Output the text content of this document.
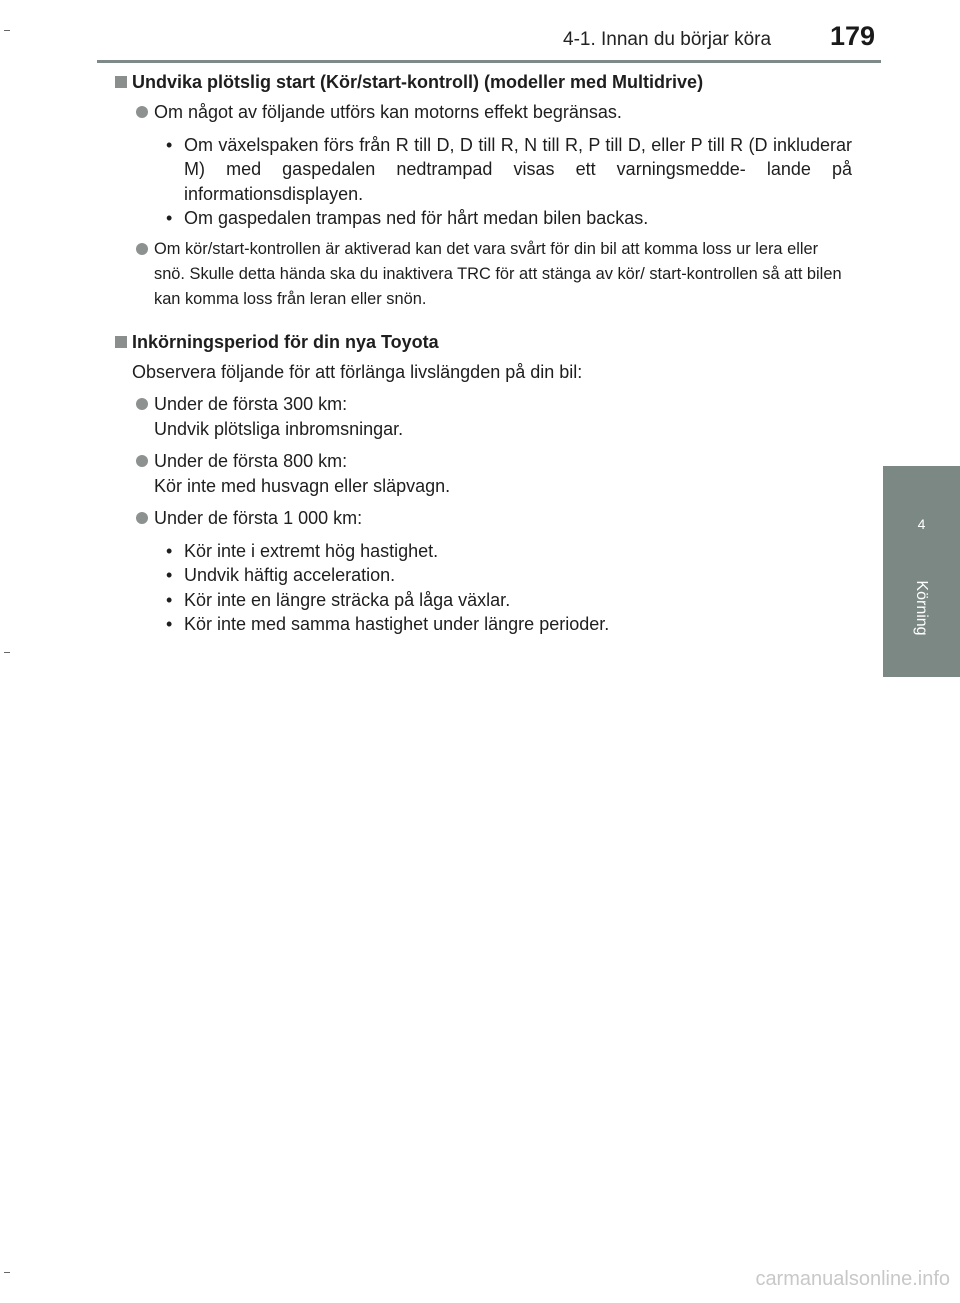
4-1. Innan du börjar köra 179
4
Körning
Undvika plötslig start (Kör/start-kontroll) (modeller med Multidrive)
Om något av följande utförs kan motorns effekt begränsas.
• Om växelspaken förs från R till D, D till R, N till R, P till D, eller P till R (D inkluderar M) med gaspedalen nedtrampad visas ett varningsmedde- lande på informationsdisplayen.
• Om gaspedalen trampas ned för hårt medan bilen backas.
Om kör/start-kontrollen är aktiverad kan det vara svårt för din bil att komma loss ur lera eller snö. Skulle detta hända ska du inaktivera TRC för att stänga av kör/ start-kontrollen så att bilen kan komma loss från leran eller snön.
Inkörningsperiod för din nya Toyota
Observera följande för att förlänga livslängden på din bil:
Under de första 300 km:
Undvik plötsliga inbromsningar.
Under de första 800 km:
Kör inte med husvagn eller släpvagn.
Under de första 1 000 km:
• Kör inte i extremt hög hastighet.
• Undvik häftig acceleration.
• Kör inte en längre sträcka på låga växlar.
• Kör inte med samma hastighet under längre perioder.
carmanualsonline.info
